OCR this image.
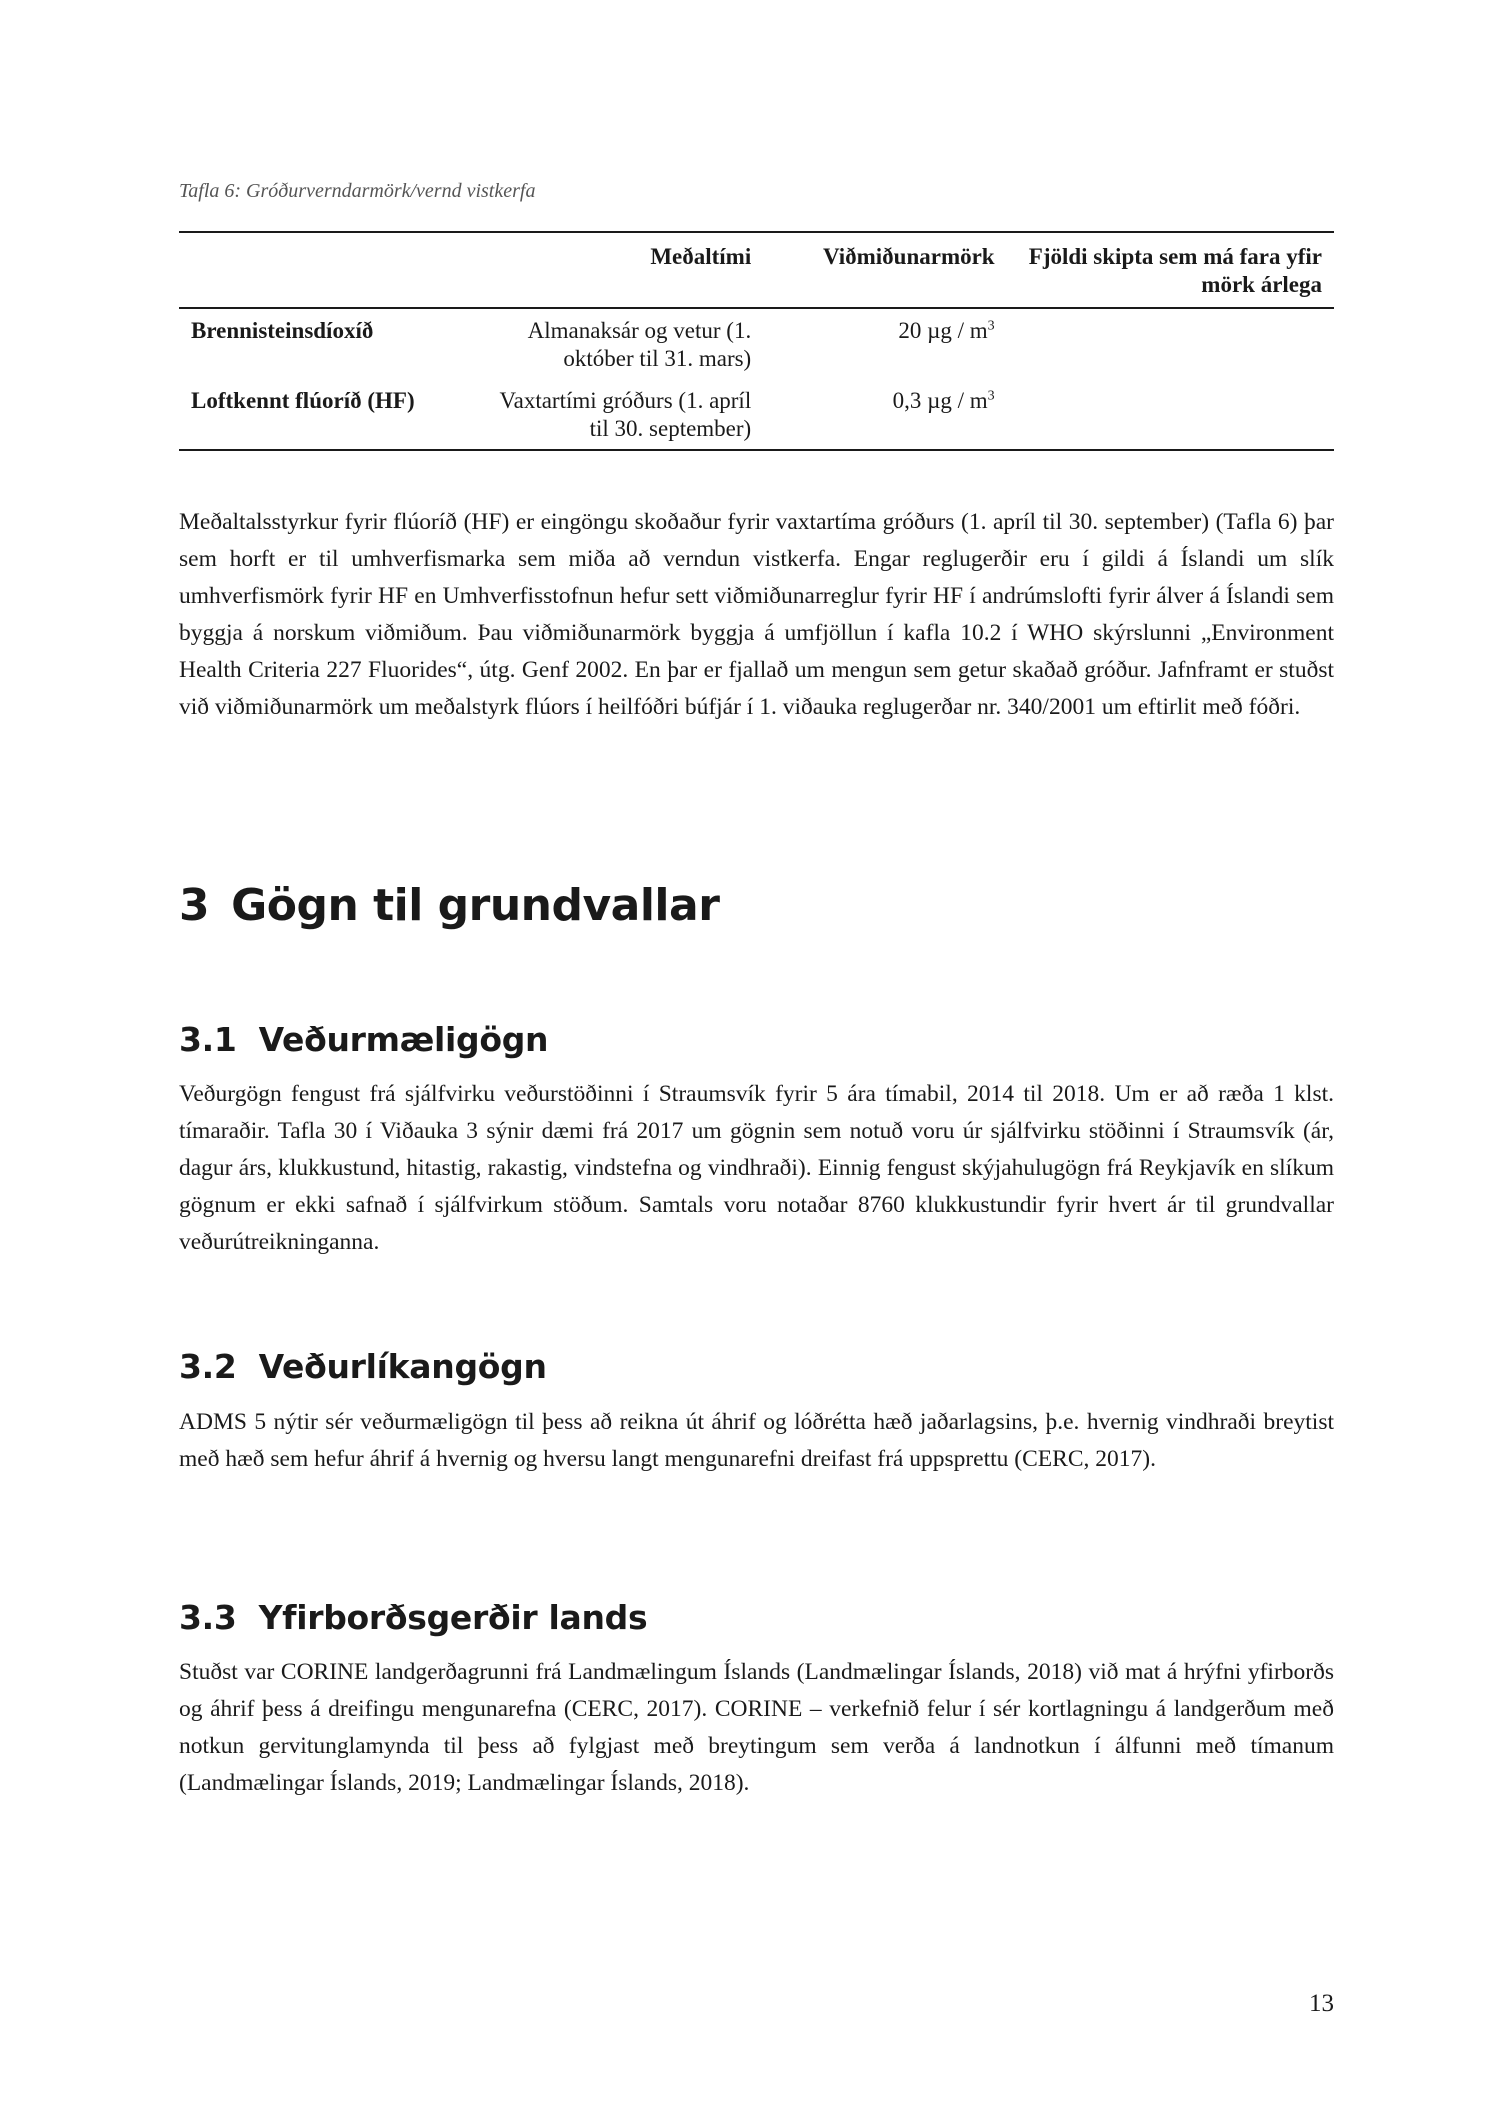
Tafla 6: Gróðurverndarmörk/vernd vistkerfa
	Meðaltími	Viðmiðunarmörk	Fjöldi skipta sem má fara yfir mörk árlega
Brennisteinsdíoxíð	Almanaksár og vetur (1. október til 31. mars)	20 µg / $m^3$	
Loftkennt flúoríð (HF)	Vaxtartími gróðurs (1. apríl til 30. september)	0,3 µg / $m^3$	

Meðaltalsstyrkur fyrir flúoríð (HF) er eingöngu skoðaður fyrir vaxtartíma gróðurs (1. apríl til 30. september) (Tafla 6) þar sem horft er til umhverfismarka sem miða að verndun vistkerfa. Engar reglugerðir eru í gildi á Íslandi um slík umhverfismörk fyrir HF en Umhverfisstofnun hefur sett viðmiðunarreglur fyrir HF í andrúmslofti fyrir álver á Íslandi sem byggja á norskum viðmiðum. Þau viðmiðunarmörk byggja á umfjöllun í kafla 10.2 í WHO skýrslunni „Environment Health Criteria 227 Fluorides“, útg. Genf 2002. En þar er fjallað um mengun sem getur skaðað gróður. Jafnframt er stuðst við viðmiðunarmörk um meðalstyrk flúors í heilfóðri búfjár í 1. viðauka reglugerðar nr. 340/2001 um eftirlit með fóðri.

3 Gögn til grundvallar
3.1 Veðurmæligögn

Veðurgögn fengust frá sjálfvirku veðurstöðinni í Straumsvík fyrir 5 ára tímabil, 2014 til 2018. Um er að ræða 1 klst. tímaraðir. Tafla 30 í Viðauka 3 sýnir dæmi frá 2017 um gögnin sem notuð voru úr sjálfvirku stöðinni í Straumsvík (ár, dagur árs, klukkustund, hitastig, rakastig, vindstefna og vindhraði). Einnig fengust skýjahulugögn frá Reykjavík en slíkum gögnum er ekki safnað í sjálfvirkum stöðum. Samtals voru notaðar 8760 klukkustundir fyrir hvert ár til grundvallar veðurútreikninganna.

3.2 Veðurlíkangögn

ADMS 5 nýtir sér veðurmæligögn til þess að reikna út áhrif og lóðrétta hæð jaðarlagsins, þ.e. hvernig vindhraði breytist með hæð sem hefur áhrif á hvernig og hversu langt mengunarefni dreifast frá uppsprettu (CERC, 2017).

3.3 Yfirborðsgerðir lands

Stuðst var CORINE landgerðagrunni frá Landmælingum Íslands (Landmælingar Íslands, 2018) við mat á hrýfni yfirborðs og áhrif þess á dreifingu mengunarefna (CERC, 2017). CORINE – verkefnið felur í sér kortlagningu á landgerðum með notkun gervitunglamynda til þess að fylgjast með breytingum sem verða á landnotkun í álfunni með tímanum (Landmælingar Íslands, 2019; Landmælingar Íslands, 2018).

13
